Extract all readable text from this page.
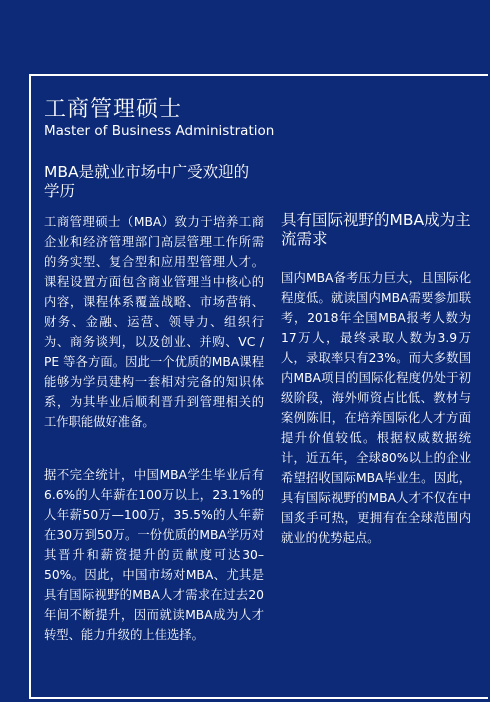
工商管理硕士
Master of Business Administration
MBA是就业市场中广受欢迎的学历
工商管理硕士（MBA）致力于培养工商企业和经济管理部门高层管理工作所需的务实型、复合型和应用型管理人才。课程设置方面包含商业管理当中核心的内容，课程体系覆盖战略、市场营销、财务、金融、运营、领导力、组织行为、商务谈判，以及创业、并购、VC / PE 等各方面。因此一个优质的MBA课程能够为学员建构一套相对完备的知识体系，为其毕业后顺利晋升到管理相关的工作职能做好准备。
据不完全统计，中国MBA学生毕业后有6.6%的人年薪在100万以上，23.1%的人年薪50万—100万，35.5%的人年薪在30万到50万。一份优质的MBA学历对其晋升和薪资提升的贡献度可达30–50%。因此，中国市场对MBA、尤其是具有国际视野的MBA人才需求在过去20年间不断提升，因而就读MBA成为人才转型、能力升级的上佳选择。
具有国际视野的MBA成为主流需求
国内MBA备考压力巨大，且国际化程度低。就读国内MBA需要参加联考，2018年全国MBA报考人数为17万人，最终录取人数为3.9万人，录取率只有23%。而大多数国内MBA项目的国际化程度仍处于初级阶段，海外师资占比低、教材与案例陈旧，在培养国际化人才方面提升价值较低。根据权威数据统计，近五年，全球80%以上的企业希望招收国际MBA毕业生。因此，具有国际视野的MBA人才不仅在中国炙手可热，更拥有在全球范围内就业的优势起点。
